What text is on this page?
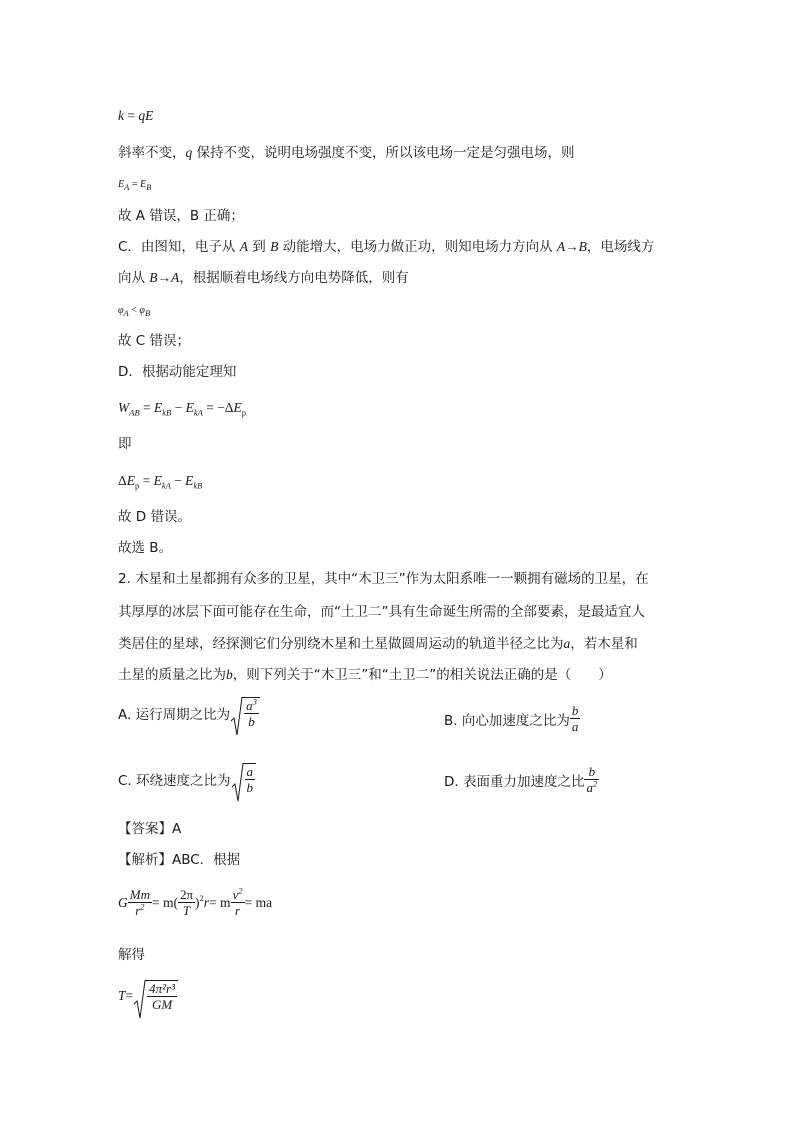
k = qE
斜率不变，q 保持不变，说明电场强度不变，所以该电场一定是匀强电场，则
$E_A = E_B$
故 A 错误，B 正确；
C．由图知，电子从 A 到 B 动能增大，电场力做正功，则知电场力方向从 A→B，电场线方
向从 B→A，根据顺着电场线方向电势降低，则有
$\varphi_A < \varphi_B$
故 C 错误；
D．根据动能定理知
$W_{AB} = E_{kB} - E_{kA} = -\Delta E_p$
即
$\Delta E_p = E_{kA} - E_{kB}$
故 D 错误。
故选 B。
2. 木星和土星都拥有众多的卫星，其中“木卫三”作为太阳系唯一一颗拥有磁场的卫星，在
其厚厚的冰层下面可能存在生命，而“土卫二”具有生命诞生所需的全部要素，是最适宜人
类居住的星球，经探测它们分别绕木星和土星做圆周运动的轨道半径之比为a，若木星和
土星的质量之比为b，则下列关于“木卫三”和“土卫二”的相关说法正确的是（　　）
A. 运行周期之比为 $\frac{a^3}{b}$	B. 向心加速度之比为 $\frac{b}{a}$
C. 环绕速度之比为 $\frac{a}{b}$	D. 表面重力加速度之比 $\frac{b}{a^2}$
【答案】A
【解析】ABC．根据
G $\frac{Mm}{r^2} = m( \frac{2\pi}{T}$ ) 2 r = m $\frac{v^2}{r}$ = ma
解得
$T = \frac{\text{4π²r³}}{GM}$
